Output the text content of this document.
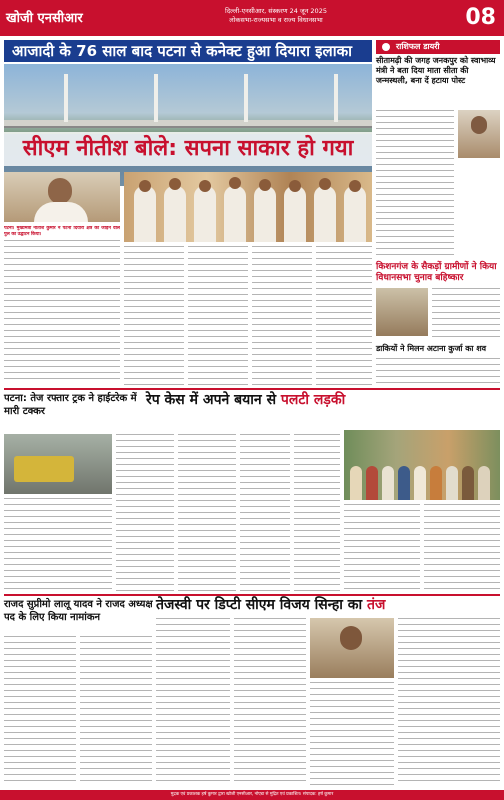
खोजी एनसीआर	दिल्ली-एनसीआर, संस्करण 24 जून 2025
लोकसभा-राज्यसभा व राज्य विधानसभा	08
आजादी के 76 साल बाद पटना से कनेक्ट हुआ दियारा इलाका
सीएम नीतीश बोले: सपना साकार हो गया
पटना। मुख्यमंत्री नीतीश कुमार ने पटना दियारा क्षेत्र को जोड़ने वाले पुल का उद्घाटन किया।
राशिफल डायरी
सीतामढ़ी की जगह जनकपुर को स्वाभाव्य मंत्री ने बता दिया माता सीता की जन्मस्थली, बना दें हटाया पोस्ट
किशनगंज के सैकड़ों ग्रामीणों ने किया विधानसभा चुनाव बहिष्कार
डाकियों ने मिलन अटाना कुर्जा का शव
पटना: तेज रफ्तार ट्रक ने हाईटरेक में मारी टक्कर
रेप केस में अपने बयान से पलटी लड़की
राजद सुप्रीमो लालू यादव ने राजद अध्यक्ष पद के लिए किया नामांकन
तेजस्वी पर डिप्टी सीएम विजय सिन्हा का तंज
मुद्रक एवं प्रकाशक हर्ष कुमार द्वारा खोजी एनसीआर, नोएडा से मुद्रित एवं प्रकाशित। संपादक: हर्ष कुमार
